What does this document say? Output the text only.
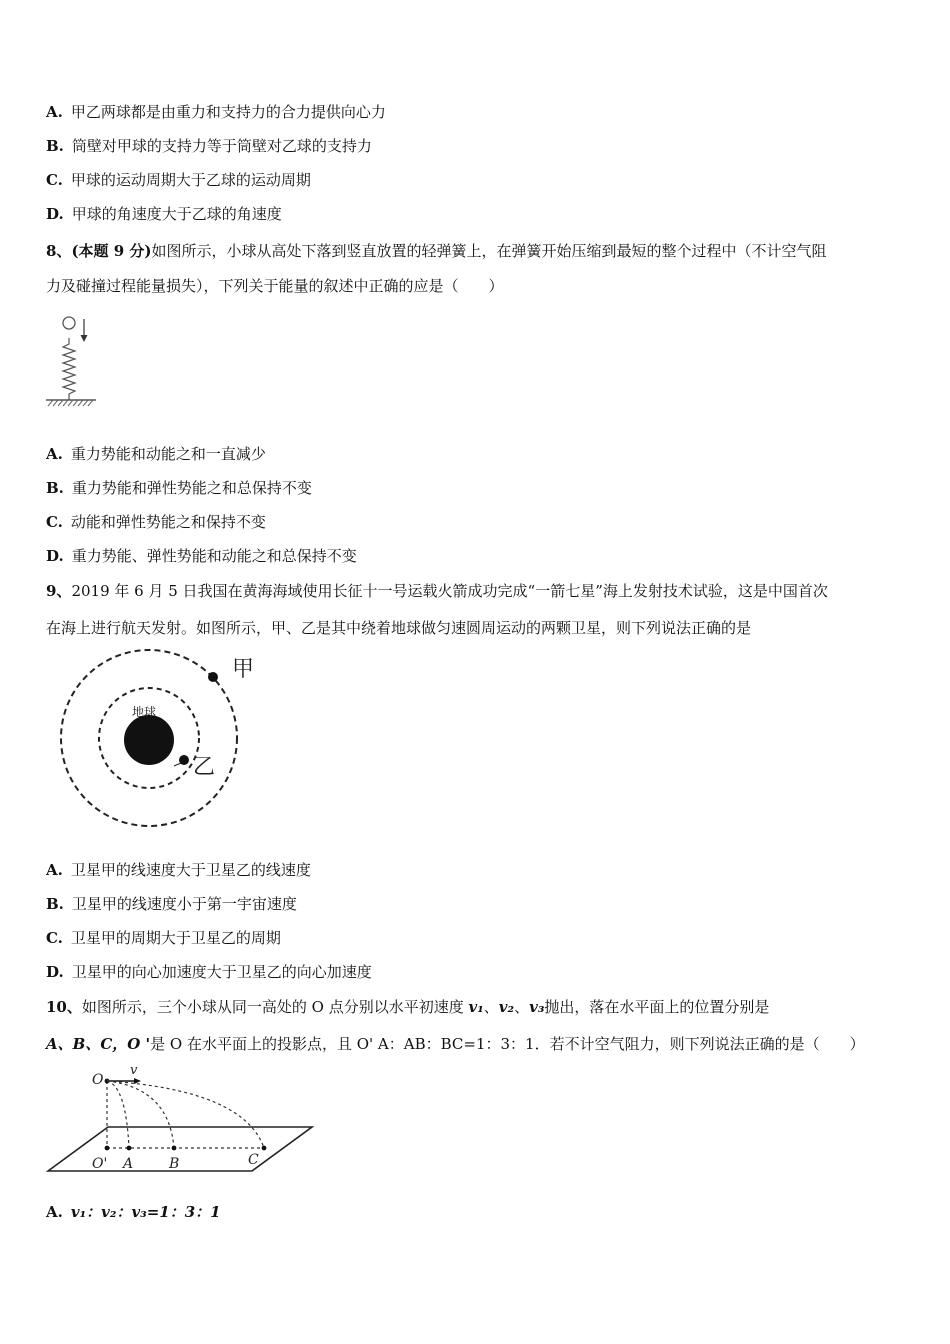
A. 甲乙两球都是由重力和支持力的合力提供向心力
B. 筒壁对甲球的支持力等于筒壁对乙球的支持力
C. 甲球的运动周期大于乙球的运动周期
D. 甲球的角速度大于乙球的角速度
8、(本题 9 分)如图所示，小球从高处下落到竖直放置的轻弹簧上，在弹簧开始压缩到最短的整个过程中（不计空气阻
力及碰撞过程能量损失），下列关于能量的叙述中正确的应是（　　）
A. 重力势能和动能之和一直减少
B. 重力势能和弹性势能之和总保持不变
C. 动能和弹性势能之和保持不变
D. 重力势能、弹性势能和动能之和总保持不变
9、2019 年 6 月 5 日我国在黄海海域使用长征十一号运载火箭成功完成“一箭七星”海上发射技术试验，这是中国首次
在海上进行航天发射。如图所示，甲、乙是其中绕着地球做匀速圆周运动的两颗卫星，则下列说法正确的是
地球
甲
乙
A. 卫星甲的线速度大于卫星乙的线速度
B. 卫星甲的线速度小于第一宇宙速度
C. 卫星甲的周期大于卫星乙的周期
D. 卫星甲的向心加速度大于卫星乙的向心加速度
10、如图所示，三个小球从同一高处的 O 点分别以水平初速度 v₁、v₂、v₃抛出，落在水平面上的位置分别是
A、B、C，O '是 O 在水平面上的投影点，且 O' A：AB：BC=1：3：1．若不计空气阻力，则下列说法正确的是（　　）
O
v
O' A	B	C
A. v₁：v₂：v₃=1：3：1
